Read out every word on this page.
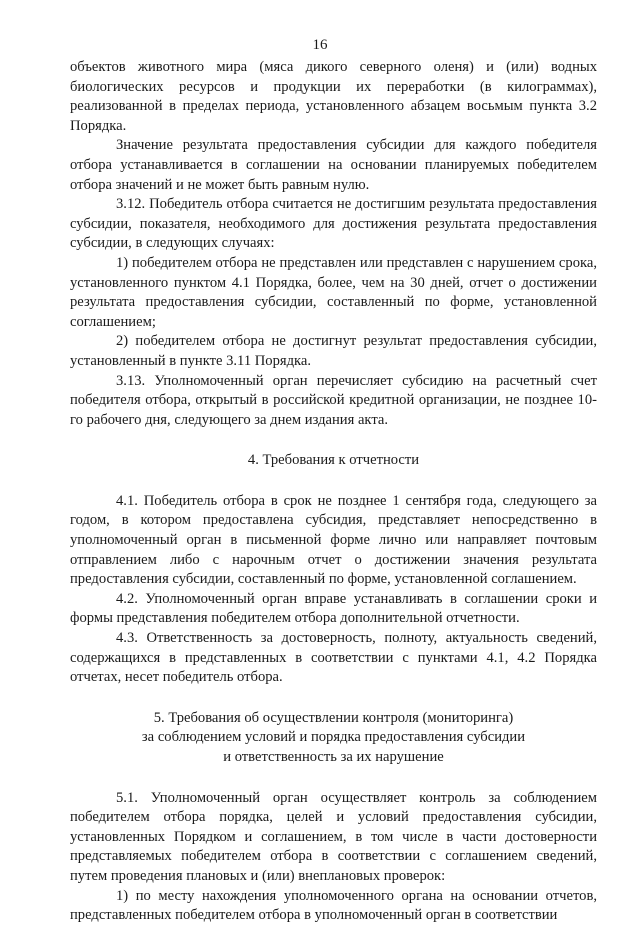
16

объектов животного мира (мяса дикого северного оленя) и (или) водных биологических ресурсов и продукции их переработки (в килограммах), реализованной в пределах периода, установленного абзацем восьмым пункта 3.2 Порядка.

Значение результата предоставления субсидии для каждого победителя отбора устанавливается в соглашении на основании планируемых победителем отбора значений и не может быть равным нулю.

3.12. Победитель отбора считается не достигшим результата предоставления субсидии, показателя, необходимого для достижения результата предоставления субсидии, в следующих случаях:

1) победителем отбора не представлен или представлен с нарушением срока, установленного пунктом 4.1 Порядка, более, чем на 30 дней, отчет о достижении результата предоставления субсидии, составленный по форме, установленной соглашением;

2) победителем отбора не достигнут результат предоставления субсидии, установленный в пункте 3.11 Порядка.

3.13. Уполномоченный орган перечисляет субсидию на расчетный счет победителя отбора, открытый в российской кредитной организации, не позднее 10-го рабочего дня, следующего за днем издания акта.

4. Требования к отчетности

4.1. Победитель отбора в срок не позднее 1 сентября года, следующего за годом, в котором предоставлена субсидия, представляет непосредственно в уполномоченный орган в письменной форме лично или направляет почтовым отправлением либо с нарочным отчет о достижении значения результата предоставления субсидии, составленный по форме, установленной соглашением.

4.2. Уполномоченный орган вправе устанавливать в соглашении сроки и формы представления победителем отбора дополнительной отчетности.

4.3. Ответственность за достоверность, полноту, актуальность сведений, содержащихся в представленных в соответствии с пунктами 4.1, 4.2 Порядка отчетах, несет победитель отбора.

5. Требования об осуществлении контроля (мониторинга)

за соблюдением условий и порядка предоставления субсидии

и ответственность за их нарушение

5.1. Уполномоченный орган осуществляет контроль за соблюдением победителем отбора порядка, целей и условий предоставления субсидии, установленных Порядком и соглашением, в том числе в части достоверности представляемых победителем отбора в соответствии с соглашением сведений, путем проведения плановых и (или) внеплановых проверок:

1) по месту нахождения уполномоченного органа на основании отчетов, представленных победителем отбора в уполномоченный орган в соответствии
